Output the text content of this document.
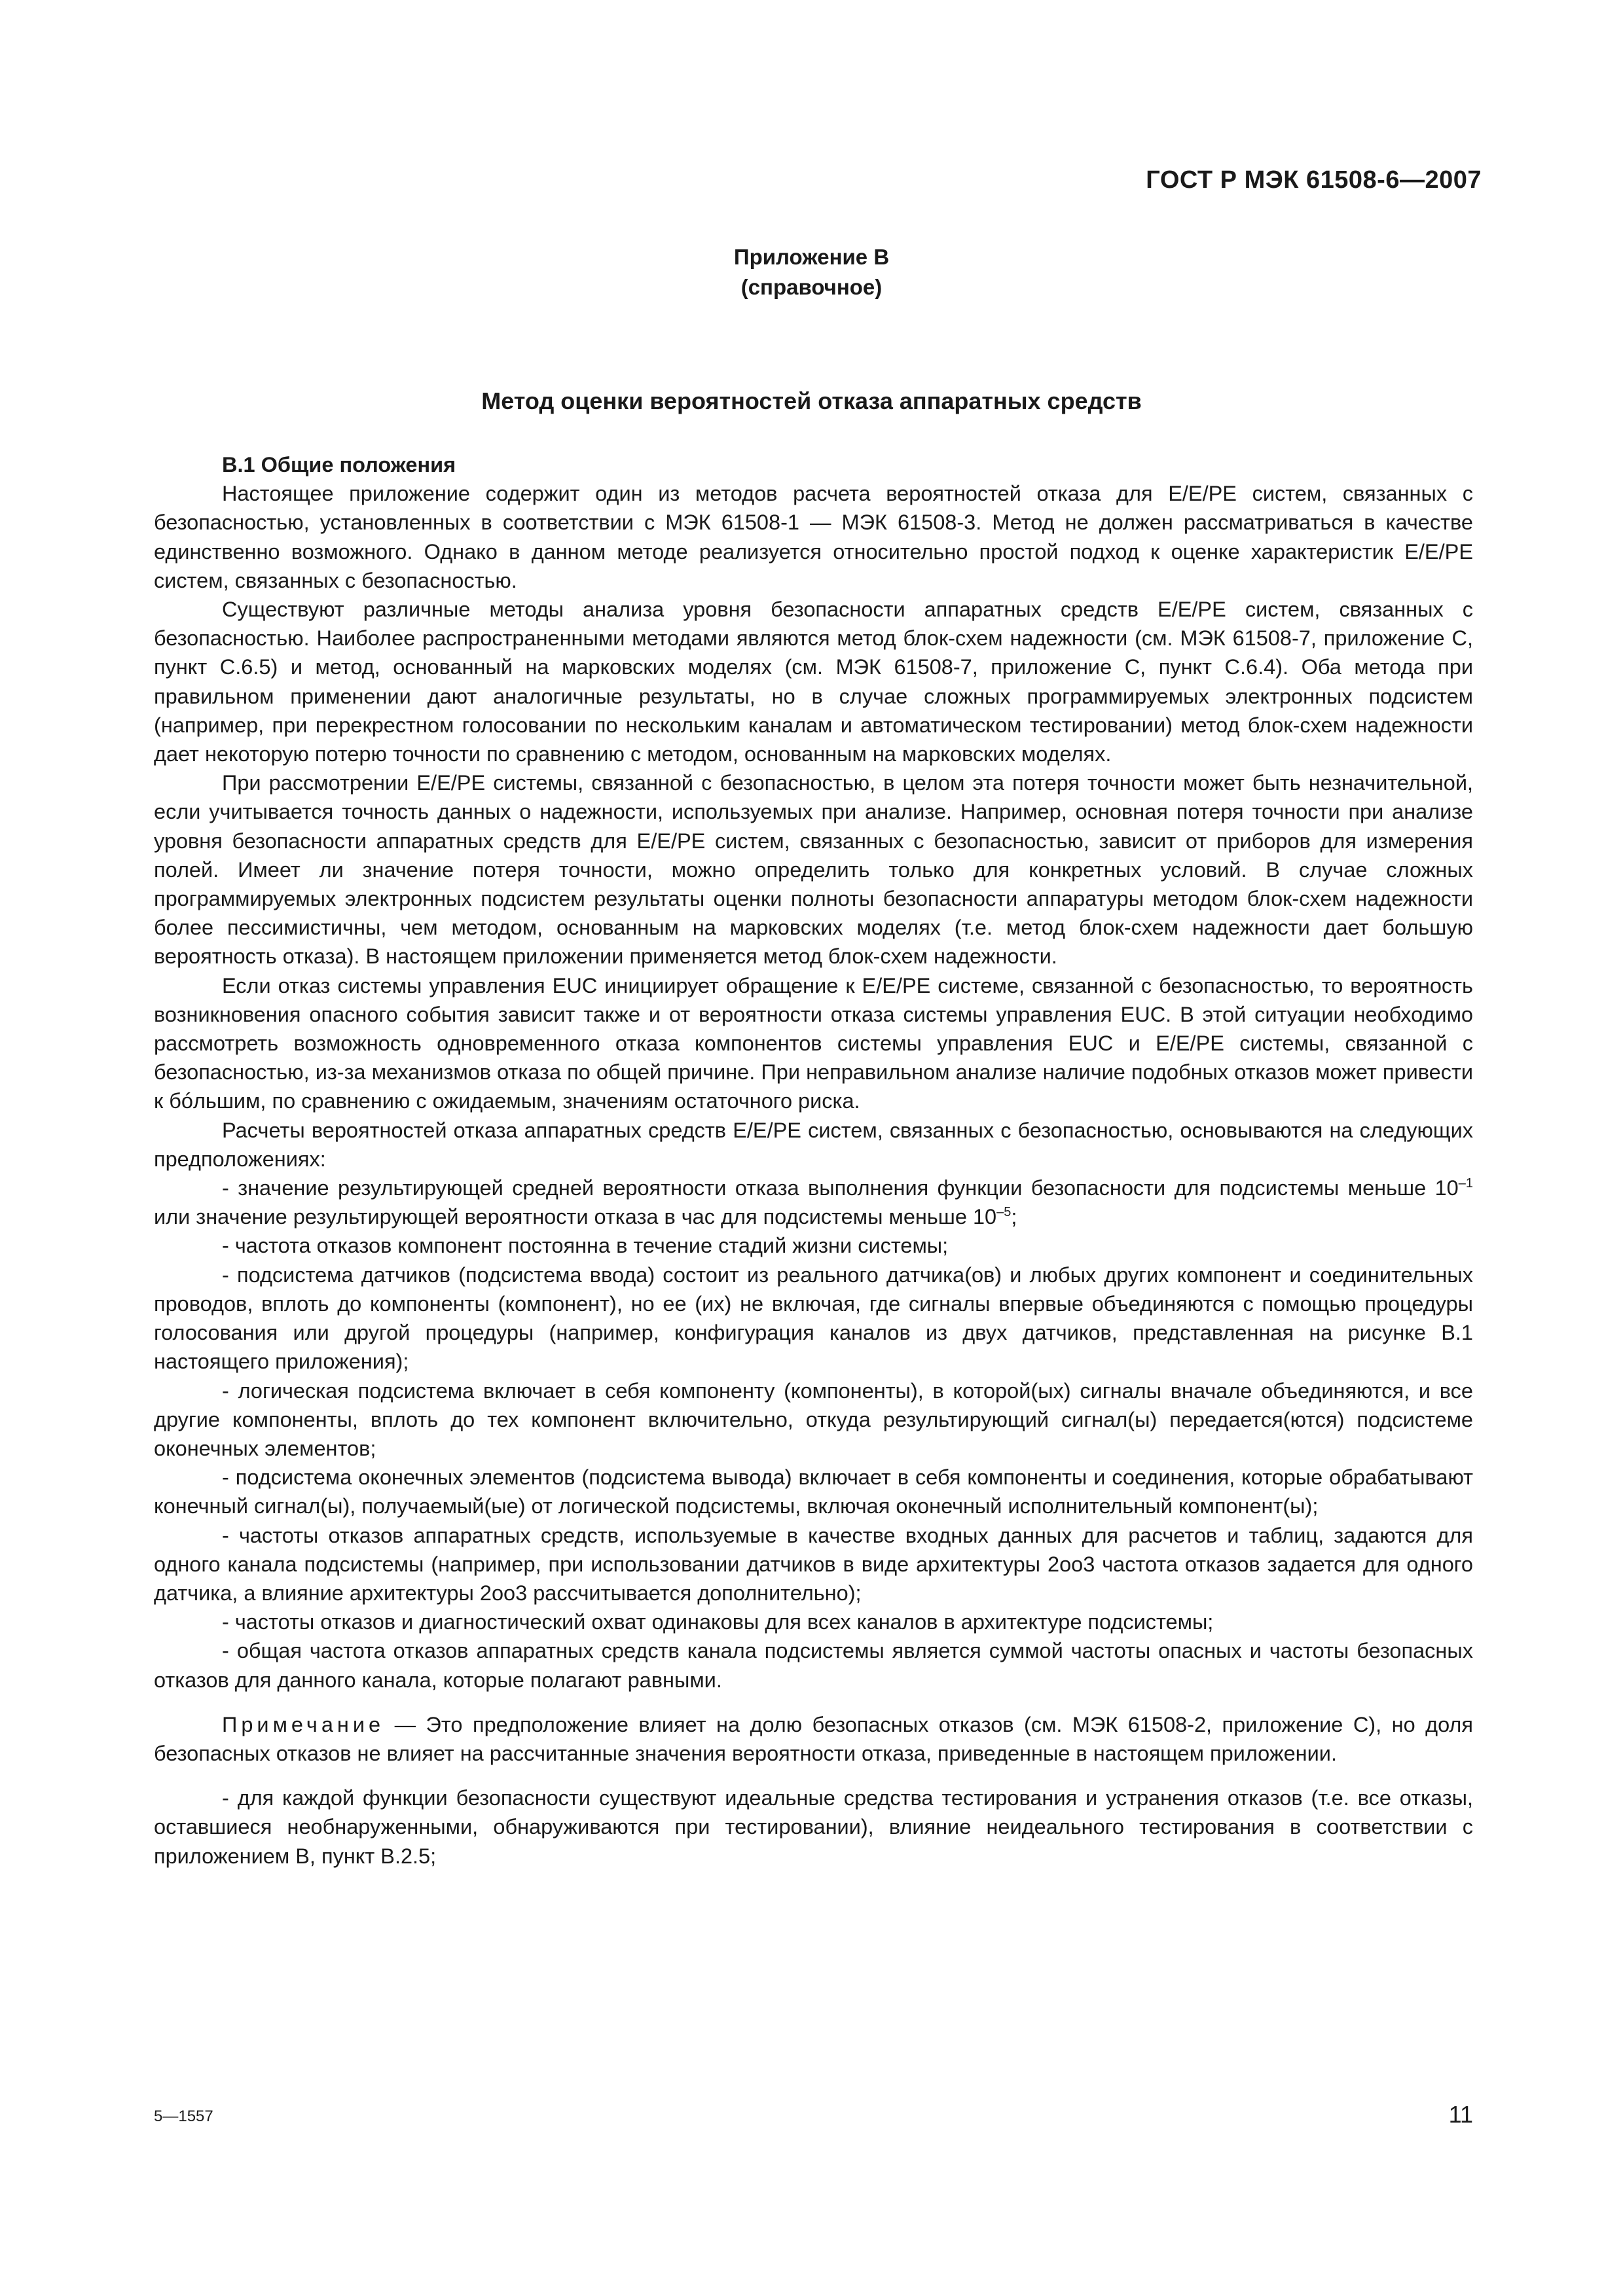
ГОСТ Р МЭК 61508-6—2007
Приложение В
(справочное)
Метод оценки вероятностей отказа аппаратных средств

В.1 Общие положения

Настоящее приложение содержит один из методов расчета вероятностей отказа для Е/Е/РЕ систем, связанных с безопасностью, установленных в соответствии с МЭК 61508-1 — МЭК 61508-3. Метод не должен рассматриваться в качестве единственно возможного. Однако в данном методе реализуется относительно простой подход к оценке характеристик Е/Е/РЕ систем, связанных с безопасностью.

Существуют различные методы анализа уровня безопасности аппаратных средств Е/Е/РЕ систем, связанных с безопасностью. Наиболее распространенными методами являются метод блок-схем надежности (см. МЭК 61508-7, приложение С, пункт С.6.5) и метод, основанный на марковских моделях (см. МЭК 61508-7, приложение С, пункт С.6.4). Оба метода при правильном применении дают аналогичные результаты, но в случае сложных программируемых электронных подсистем (например, при перекрестном голосовании по нескольким каналам и автоматическом тестировании) метод блок-схем надежности дает некоторую потерю точности по сравнению с методом, основанным на марковских моделях.

При рассмотрении Е/Е/РЕ системы, связанной с безопасностью, в целом эта потеря точности может быть незначительной, если учитывается точность данных о надежности, используемых при анализе. Например, основная потеря точности при анализе уровня безопасности аппаратных средств для Е/Е/РЕ систем, связанных с безопасностью, зависит от приборов для измерения полей. Имеет ли значение потеря точности, можно определить только для конкретных условий. В случае сложных программируемых электронных подсистем результаты оценки полноты безопасности аппаратуры методом блок-схем надежности более пессимистичны, чем методом, основанным на марковских моделях (т.е. метод блок-схем надежности дает большую вероятность отказа). В настоящем приложении применяется метод блок-схем надежности.

Если отказ системы управления EUC инициирует обращение к Е/Е/РЕ системе, связанной с безопасностью, то вероятность возникновения опасного события зависит также и от вероятности отказа системы управления EUC. В этой ситуации необходимо рассмотреть возможность одновременного отказа компонентов системы управления EUC и Е/Е/РЕ системы, связанной с безопасностью, из-за механизмов отказа по общей причине. При неправильном анализе наличие подобных отказов может привести к бóльшим, по сравнению с ожидаемым, значениям остаточного риска.

Расчеты вероятностей отказа аппаратных средств Е/Е/РЕ систем, связанных с безопасностью, основываются на следующих предположениях:

- значение результирующей средней вероятности отказа выполнения функции безопасности для подсистемы меньше $10^{-1}$ или значение результирующей вероятности отказа в час для подсистемы меньше $10^{-5}$;

- частота отказов компонент постоянна в течение стадий жизни системы;

- подсистема датчиков (подсистема ввода) состоит из реального датчика(ов) и любых других компонент и соединительных проводов, вплоть до компоненты (компонент), но ее (их) не включая, где сигналы впервые объединяются с помощью процедуры голосования или другой процедуры (например, конфигурация каналов из двух датчиков, представленная на рисунке В.1 настоящего приложения);

- логическая подсистема включает в себя компоненту (компоненты), в которой(ых) сигналы вначале объединяются, и все другие компоненты, вплоть до тех компонент включительно, откуда результирующий сигнал(ы) передается(ются) подсистеме оконечных элементов;

- подсистема оконечных элементов (подсистема вывода) включает в себя компоненты и соединения, которые обрабатывают конечный сигнал(ы), получаемый(ые) от логической подсистемы, включая оконечный исполнительный компонент(ы);

- частоты отказов аппаратных средств, используемые в качестве входных данных для расчетов и таблиц, задаются для одного канала подсистемы (например, при использовании датчиков в виде архитектуры 2оо3 частота отказов задается для одного датчика, а влияние архитектуры 2оо3 рассчитывается дополнительно);

- частоты отказов и диагностический охват одинаковы для всех каналов в архитектуре подсистемы;

- общая частота отказов аппаратных средств канала подсистемы является суммой частоты опасных и частоты безопасных отказов для данного канала, которые полагают равными.

Примечание — Это предположение влияет на долю безопасных отказов (см. МЭК 61508-2, приложение С), но доля безопасных отказов не влияет на рассчитанные значения вероятности отказа, приведенные в настоящем приложении.

- для каждой функции безопасности существуют идеальные средства тестирования и устранения отказов (т.е. все отказы, оставшиеся необнаруженными, обнаруживаются при тестировании), влияние неидеального тестирования в соответствии с приложением В, пункт В.2.5;

5—1557	11
